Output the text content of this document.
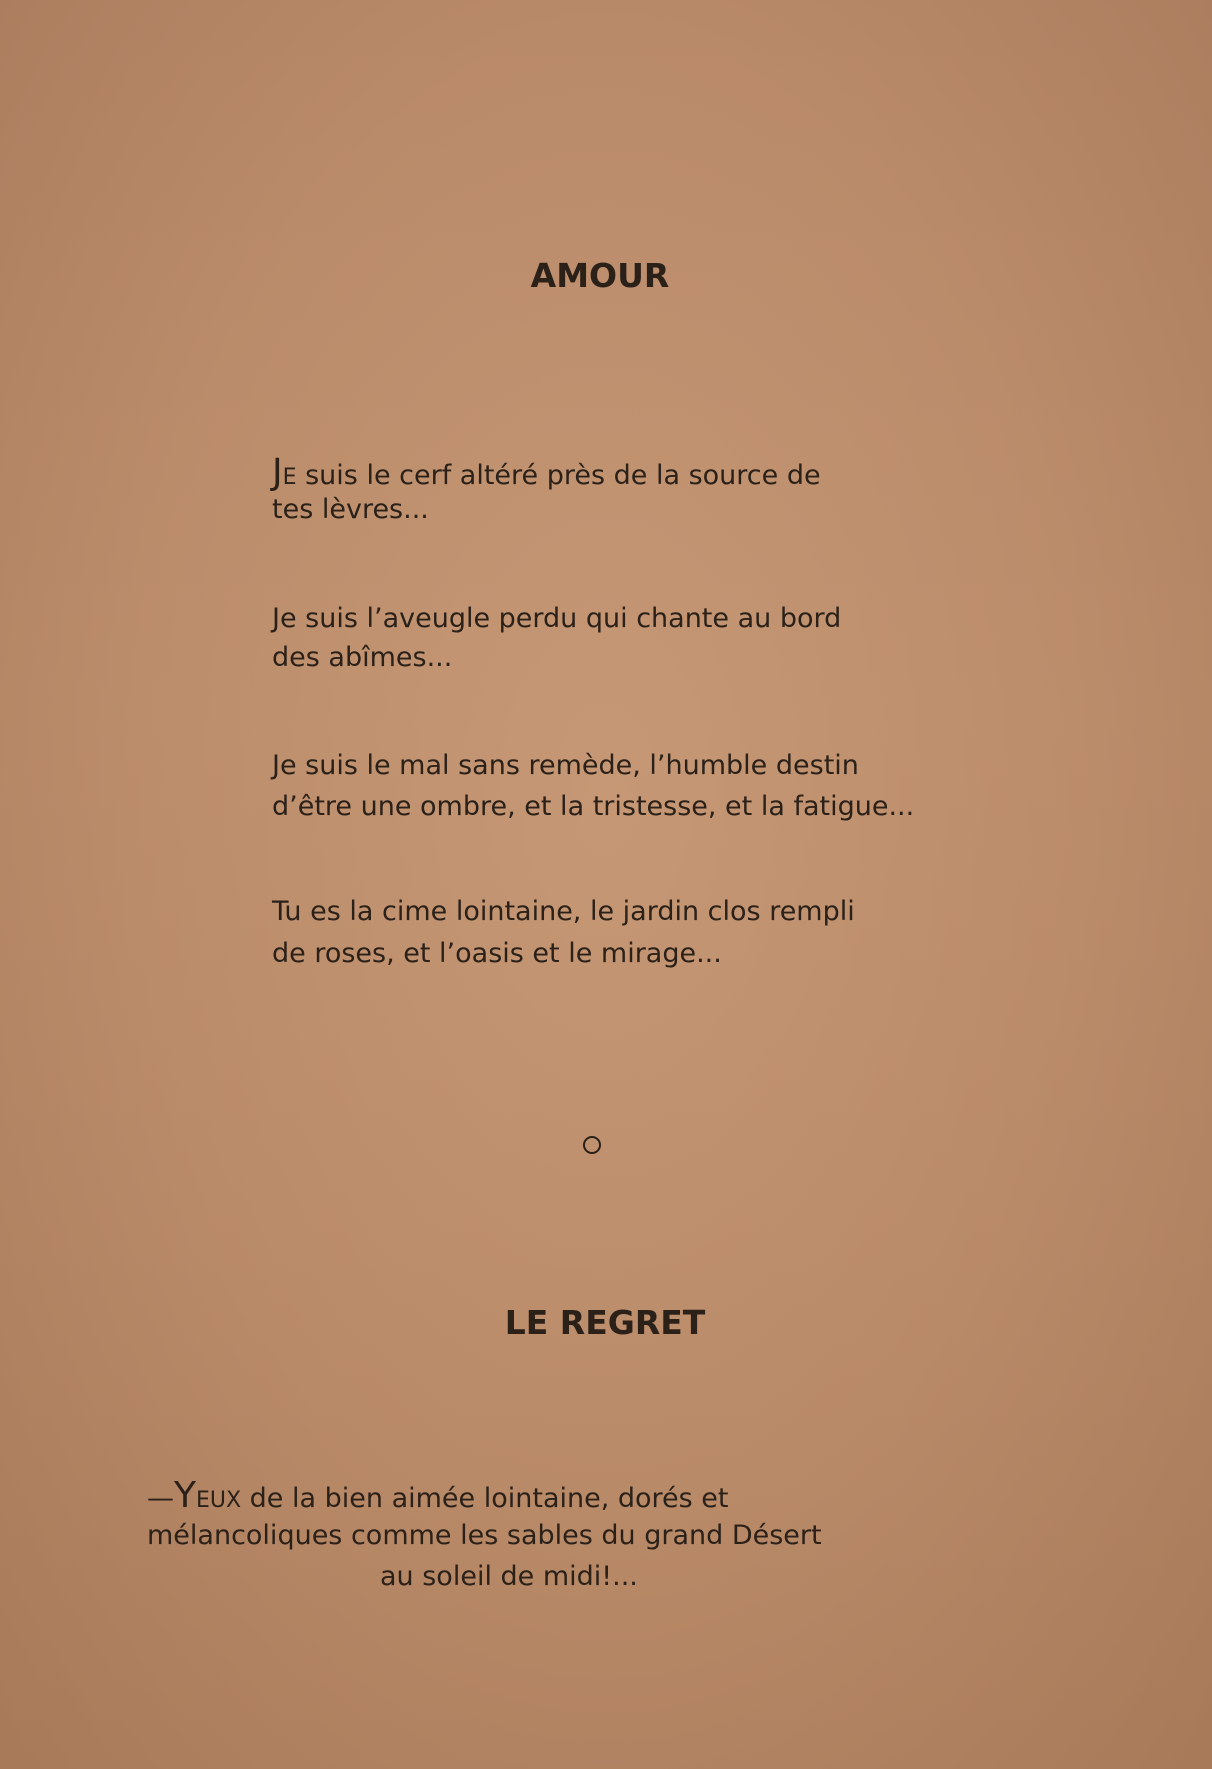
AMOUR

JE suis le cerf altéré près de la source de

tes lèvres...

Je suis l’aveugle perdu qui chante au bord

des abîmes...

Je suis le mal sans remède, l’humble destin

d’être une ombre, et la tristesse, et la fatigue...

Tu es la cime lointaine, le jardin clos rempli

de roses, et l’oasis et le mirage...

LE REGRET

—YEUX de la bien aimée lointaine, dorés et

mélancoliques comme les sables du grand Désert

au soleil de midi!...
